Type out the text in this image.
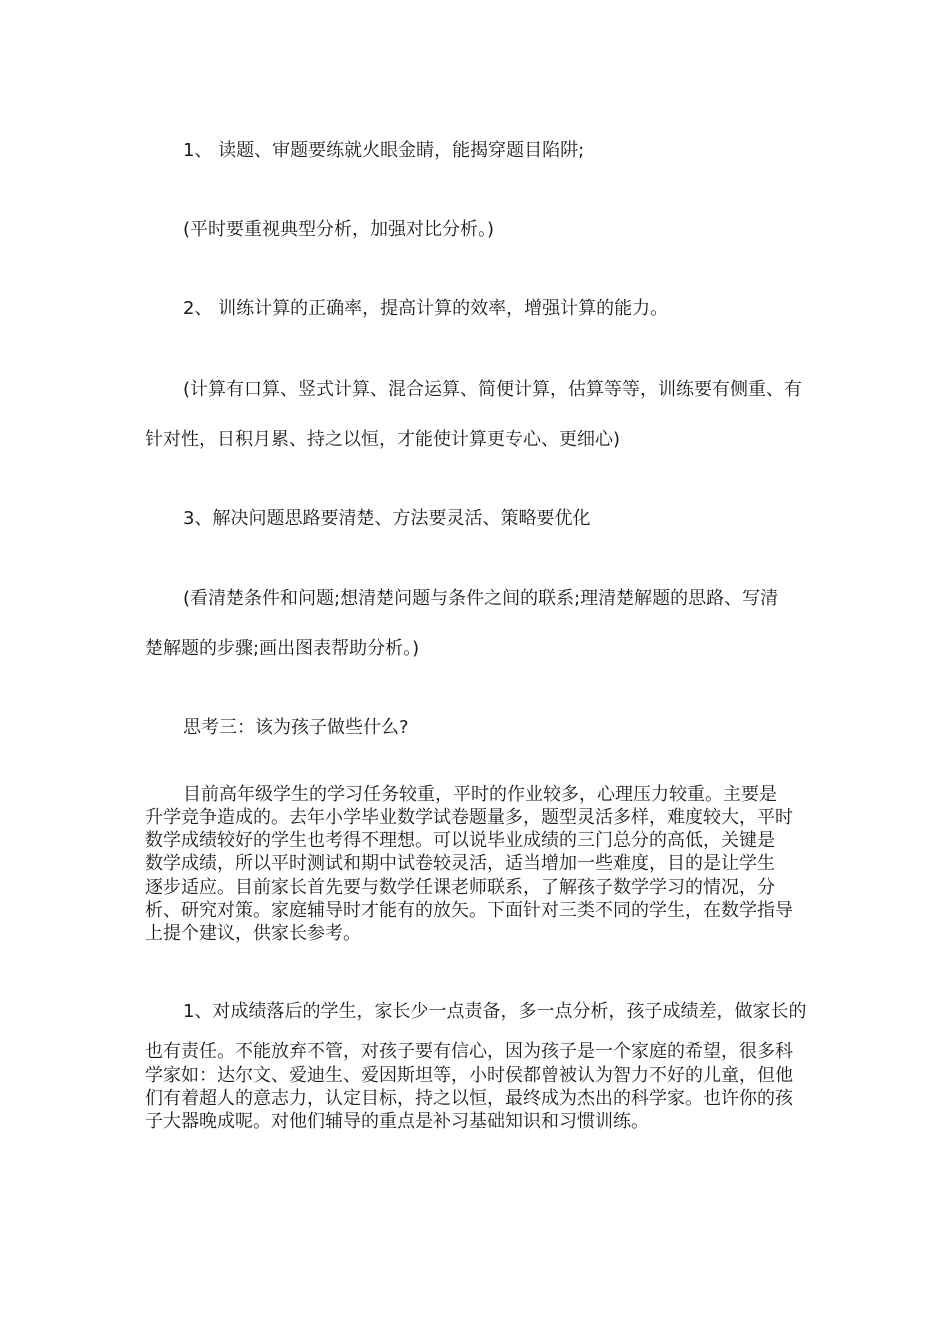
1、 读题、审题要练就火眼金睛，能揭穿题目陷阱;

(平时要重视典型分析，加强对比分析。)

2、 训练计算的正确率，提高计算的效率，增强计算的能力。

(计算有口算、竖式计算、混合运算、简便计算，估算等等，训练要有侧重、有

针对性，日积月累、持之以恒，才能使计算更专心、更细心)

3、解决问题思路要清楚、方法要灵活、策略要优化

(看清楚条件和问题;想清楚问题与条件之间的联系;理清楚解题的思路、写清

楚解题的步骤;画出图表帮助分析。)

思考三：该为孩子做些什么?

目前高年级学生的学习任务较重，平时的作业较多，心理压力较重。主要是

升学竞争造成的。去年小学毕业数学试卷题量多，题型灵活多样，难度较大，平时

数学成绩较好的学生也考得不理想。可以说毕业成绩的三门总分的高低，关键是

数学成绩，所以平时测试和期中试卷较灵活，适当增加一些难度，目的是让学生

逐步适应。目前家长首先要与数学任课老师联系，了解孩子数学学习的情况，分

析、研究对策。家庭辅导时才能有的放矢。下面针对三类不同的学生，在数学指导

上提个建议，供家长参考。

1、对成绩落后的学生，家长少一点责备，多一点分析，孩子成绩差，做家长的

也有责任。不能放弃不管，对孩子要有信心，因为孩子是一个家庭的希望，很多科

学家如：达尔文、爱迪生、爱因斯坦等，小时侯都曾被认为智力不好的儿童，但他

们有着超人的意志力，认定目标，持之以恒，最终成为杰出的科学家。也许你的孩

子大器晚成呢。对他们辅导的重点是补习基础知识和习惯训练。
